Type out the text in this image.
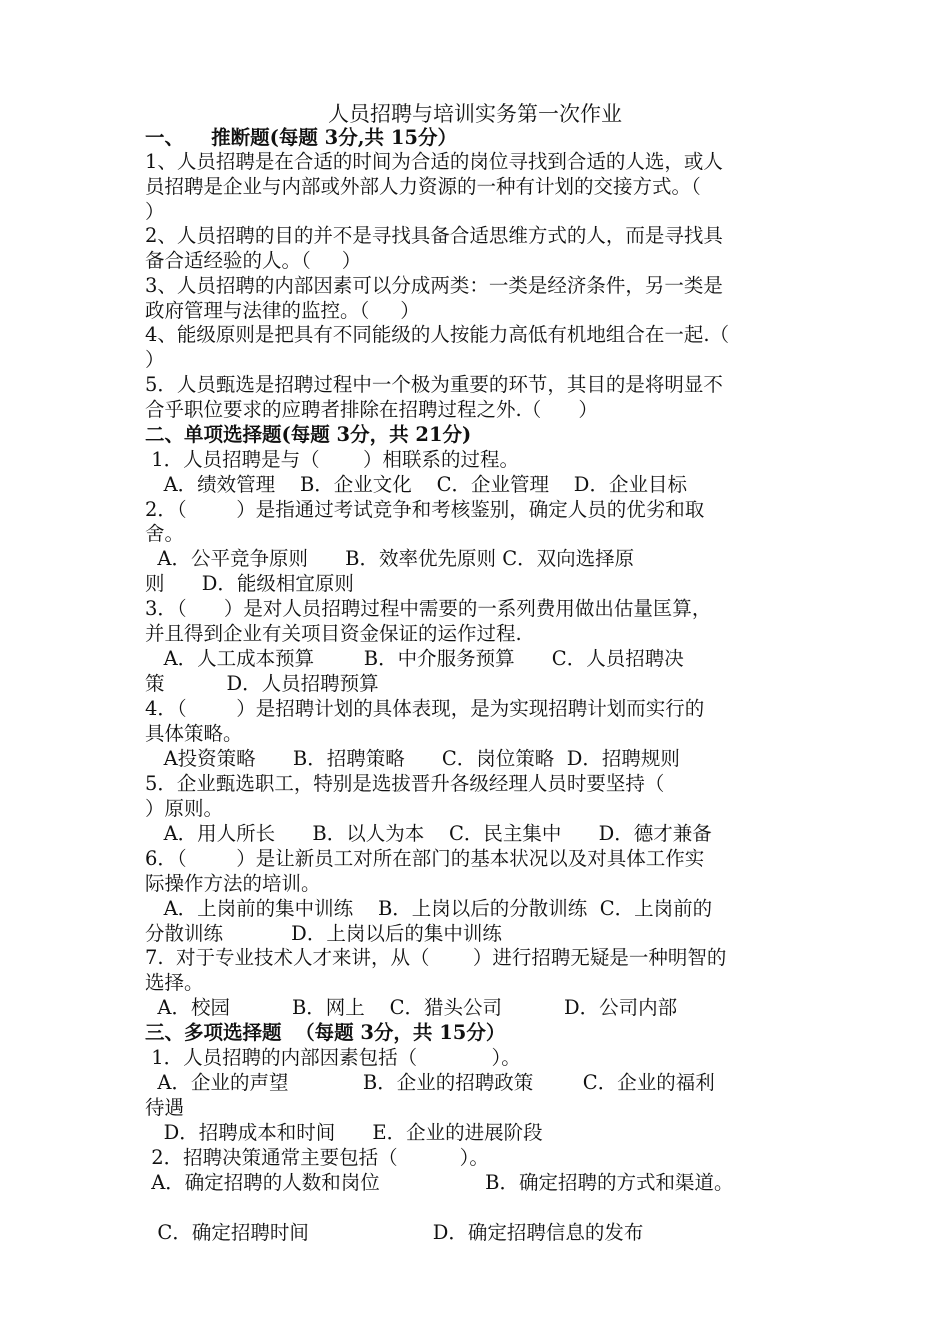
人员招聘与培训实务第一次作业
一、    推断题(每题 3分,共 15分）
1、人员招聘是在合适的时间为合适的岗位寻找到合适的人选，或人
员招聘是企业与内部或外部人力资源的一种有计划的交接方式。（
）
2、人员招聘的目的并不是寻找具备合适思维方式的人，而是寻找具
备合适经验的人。（     ）
3、人员招聘的内部因素可以分成两类：一类是经济条件，另一类是
政府管理与法律的监控。（     ）
4、能级原则是把具有不同能级的人按能力高低有机地组合在一起.（
）
5．人员甄选是招聘过程中一个极为重要的环节，其目的是将明显不
合乎职位要求的应聘者排除在招聘过程之外.（      ）
二、单项选择题(每题 3分，共 21分)
1．人员招聘是与（       ）相联系的过程。
A．绩效管理    B．企业文化    C．企业管理    D．企业目标
2．（        ）是指通过考试竞争和考核鉴别，确定人员的优劣和取
舍。
A．公平竞争原则      B．效率优先原则 C．双向选择原
则      D．能级相宜原则
3．（      ）是对人员招聘过程中需要的一系列费用做出估量匡算，
并且得到企业有关项目资金保证的运作过程.
A．人工成本预算        B．中介服务预算      C．人员招聘决
策          D．人员招聘预算
4．（        ）是招聘计划的具体表现，是为实现招聘计划而实行的
具体策略。
A投资策略      B．招聘策略      C．岗位策略  D．招聘规则
5．企业甄选职工，特别是选拔晋升各级经理人员时要坚持（
）原则。
A．用人所长      B．以人为本    C．民主集中      D．德才兼备
6．（        ）是让新员工对所在部门的基本状况以及对具体工作实
际操作方法的培训。
A．上岗前的集中训练    B．上岗以后的分散训练  C．上岗前的
分散训练           D．上岗以后的集中训练
7.  对于专业技术人才来讲，从（       ）进行招聘无疑是一种明智的
选择。
A．校园          B．网上    C．猎头公司          D．公司内部
三、多项选择题  （每题 3分，共 15分）
1．人员招聘的内部因素包括（            ）。
A．企业的声望            B．企业的招聘政策        C．企业的福利
待遇
D．招聘成本和时间      E．企业的进展阶段
2．招聘决策通常主要包括（          ）。
A．确定招聘的人数和岗位                 B．确定招聘的方式和渠道。
C．确定招聘时间                    D．确定招聘信息的发布
